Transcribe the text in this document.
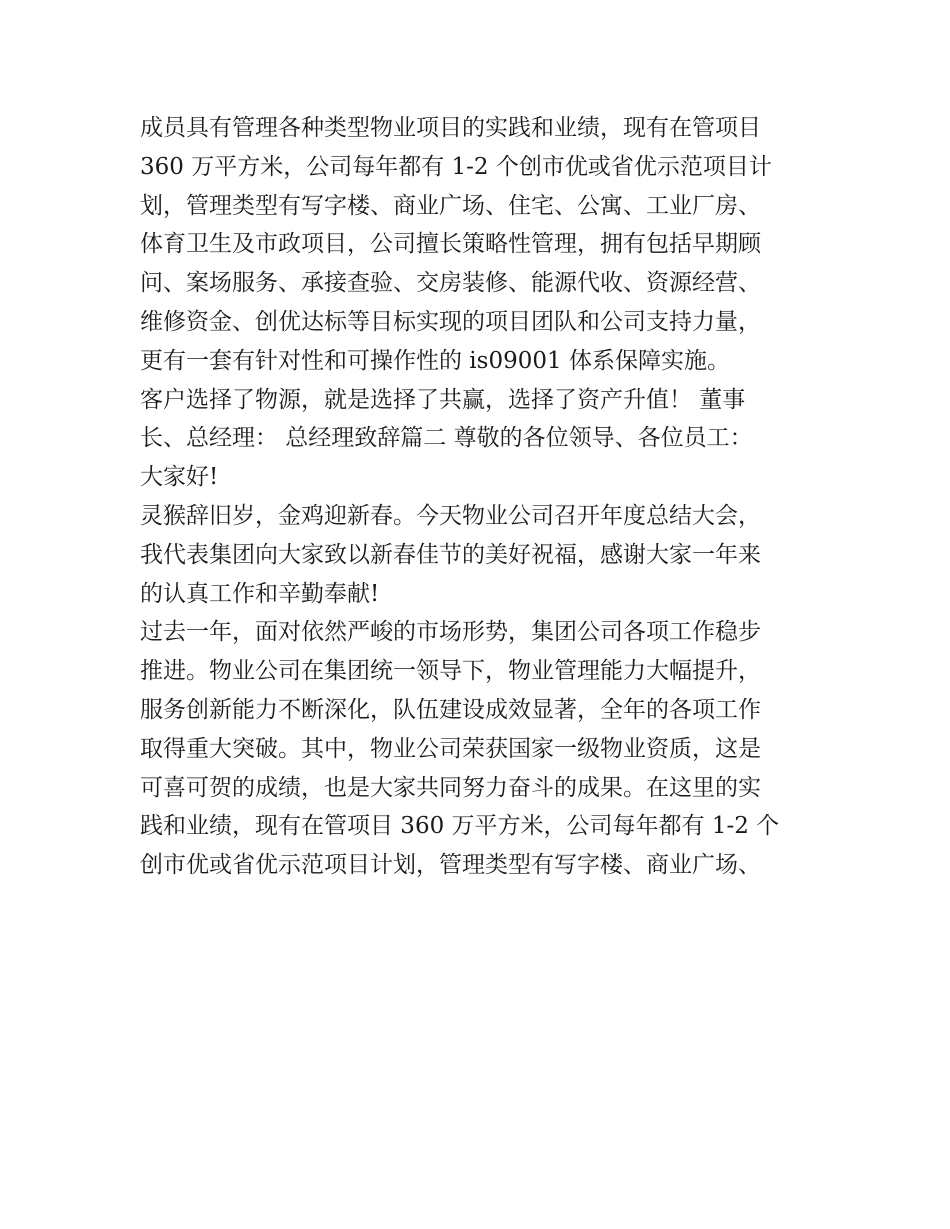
成员具有管理各种类型物业项目的实践和业绩，现有在管项目
360 万平方米，公司每年都有 1-2 个创市优或省优示范项目计
划，管理类型有写字楼、商业广场、住宅、公寓、工业厂房、
体育卫生及市政项目，公司擅长策略性管理，拥有包括早期顾
问、案场服务、承接查验、交房装修、能源代收、资源经营、
维修资金、创优达标等目标实现的项目团队和公司支持力量，
更有一套有针对性和可操作性的 is09001 体系保障实施。
客户选择了物源，就是选择了共赢，选择了资产升值！ 董事
长、总经理： 总经理致辞篇二 尊敬的各位领导、各位员工：
大家好!
灵猴辞旧岁，金鸡迎新春。今天物业公司召开年度总结大会，
我代表集团向大家致以新春佳节的美好祝福，感谢大家一年来
的认真工作和辛勤奉献!
过去一年，面对依然严峻的市场形势，集团公司各项工作稳步
推进。物业公司在集团统一领导下，物业管理能力大幅提升，
服务创新能力不断深化，队伍建设成效显著，全年的各项工作
取得重大突破。其中，物业公司荣获国家一级物业资质，这是
可喜可贺的成绩，也是大家共同努力奋斗的成果。在这里的实
践和业绩，现有在管项目 360 万平方米，公司每年都有 1-2 个
创市优或省优示范项目计划，管理类型有写字楼、商业广场、
